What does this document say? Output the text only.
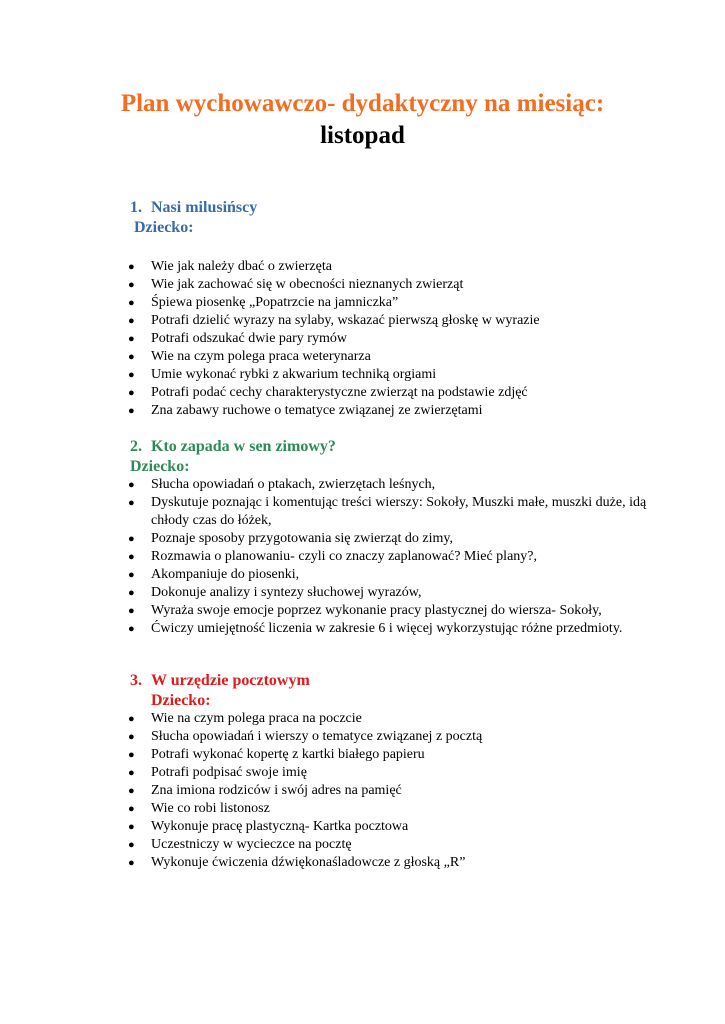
Plan wychowawczo- dydaktyczny na miesiąc:
listopad
1. Nasi milusińscy
Dziecko:
● Wie jak należy dbać o zwierzęta
● Wie jak zachować się w obecności nieznanych zwierząt
● Śpiewa piosenkę „Popatrzcie na jamniczka”
● Potrafi dzielić wyrazy na sylaby, wskazać pierwszą głoskę w wyrazie
● Potrafi odszukać dwie pary rymów
● Wie na czym polega praca weterynarza
● Umie wykonać rybki z akwarium techniką orgiami
● Potrafi podać cechy charakterystyczne zwierząt na podstawie zdjęć
● Zna zabawy ruchowe o tematyce związanej ze zwierzętami
2. Kto zapada w sen zimowy?
Dziecko:
● Słucha opowiadań o ptakach, zwierzętach leśnych,
● Dyskutuje poznając i komentując treści wierszy: Sokoły, Muszki małe, muszki duże, idą chłody czas do łóżek,
● Poznaje sposoby przygotowania się zwierząt do zimy,
● Rozmawia o planowaniu- czyli co znaczy zaplanować? Mieć plany?,
● Akompaniuje do piosenki,
● Dokonuje analizy i syntezy słuchowej wyrazów,
● Wyraża swoje emocje poprzez wykonanie pracy plastycznej do wiersza- Sokoły,
● Ćwiczy umiejętność liczenia w zakresie 6 i więcej wykorzystując różne przedmioty.
3. W urzędzie pocztowym
Dziecko:
● Wie na czym polega praca na poczcie
● Słucha opowiadań i wierszy o tematyce związanej z pocztą
● Potrafi wykonać kopertę z kartki białego papieru
● Potrafi podpisać swoje imię
● Zna imiona rodziców i swój adres na pamięć
● Wie co robi listonosz
● Wykonuje pracę plastyczną- Kartka pocztowa
● Uczestniczy w wycieczce na pocztę
● Wykonuje ćwiczenia dźwiękonaśladowcze z głoską „R”
